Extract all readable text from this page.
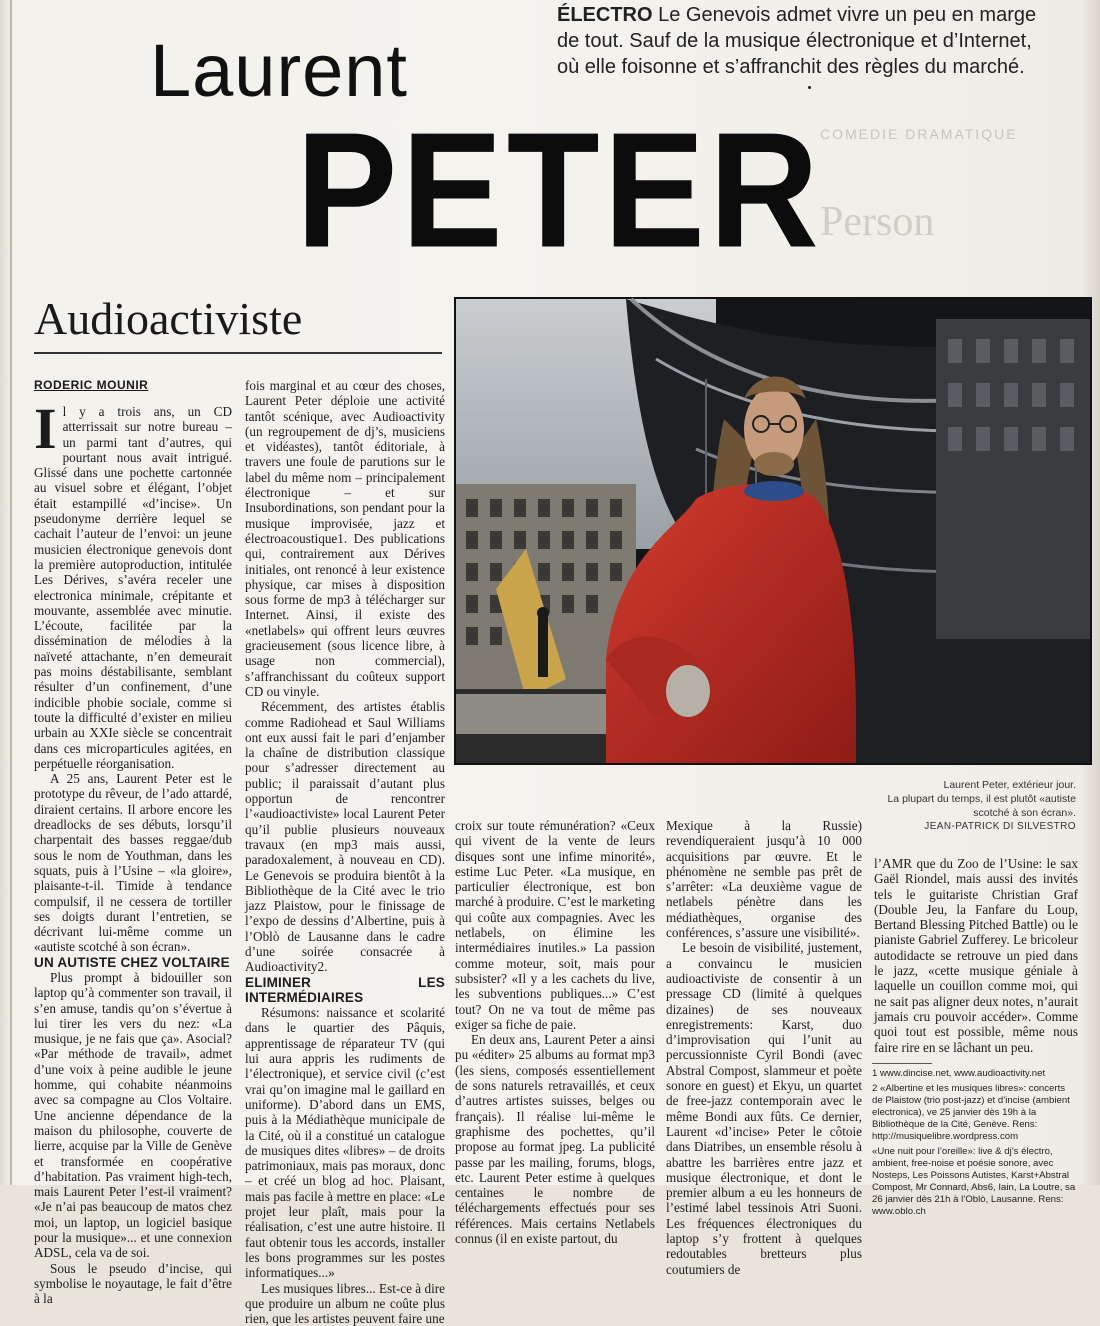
ÉLECTRO Le Genevois admet vivre un peu en marge de tout. Sauf de la musique électronique et d’Internet, où elle foisonne et s’affranchit des règles du marché.
COMEDIE DRAMATIQUE
Person
Laurent
PETER
Audioactiviste
RODERIC MOUNIR

Il y a trois ans, un CD atterrissait sur notre bureau – un parmi tant d’autres, qui pourtant nous avait intrigué. Glissé dans une pochette cartonnée au visuel sobre et élégant, l’objet était estampillé «d’incise». Un pseudonyme derrière lequel se cachait l’auteur de l’envoi: un jeune musicien électronique genevois dont la première autoproduction, intitulée Les Dérives, s’avéra receler une electronica minimale, crépitante et mouvante, assemblée avec minutie. L’écoute, facilitée par la dissémination de mélodies à la naïveté attachante, n’en demeurait pas moins déstabilisante, semblant résulter d’un confinement, d’une indicible phobie sociale, comme si toute la difficulté d’exister en milieu urbain au XXIe siècle se concentrait dans ces microparticules agitées, en perpétuelle réorganisation.

A 25 ans, Laurent Peter est le prototype du rêveur, de l’ado attardé, diraient certains. Il arbore encore les dreadlocks de ses débuts, lorsqu’il charpentait des basses reggae/dub sous le nom de Youthman, dans les squats, puis à l’Usine – «la gloire», plaisante-t-il. Timide à tendance compulsif, il ne cessera de tortiller ses doigts durant l’entretien, se décrivant lui-même comme un «autiste scotché à son écran».

UN AUTISTE CHEZ VOLTAIRE

Plus prompt à bidouiller son laptop qu’à commenter son travail, il s’en amuse, tandis qu’on s’évertue à lui tirer les vers du nez: «La musique, je ne fais que ça». Asocial? «Par méthode de travail», admet d’une voix à peine audible le jeune homme, qui cohabite néanmoins avec sa compagne au Clos Voltaire. Une ancienne dépendance de la maison du philosophe, couverte de lierre, acquise par la Ville de Genève et transformée en coopérative d’habitation. Pas vraiment high-tech, mais Laurent Peter l’est-il vraiment? «Je n’ai pas beaucoup de matos chez moi, un laptop, un logiciel basique pour la musique»... et une connexion ADSL, cela va de soi.

Sous le pseudo d’incise, qui symbolise le noyautage, le fait d’être à la

fois marginal et au cœur des choses, Laurent Peter déploie une activité tantôt scénique, avec Audioactivity (un regroupement de dj’s, musiciens et vidéastes), tantôt éditoriale, à travers une foule de parutions sur le label du même nom – principalement électronique – et sur Insubordinations, son pendant pour la musique improvisée, jazz et électroacoustique1. Des publications qui, contrairement aux Dérives initiales, ont renoncé à leur existence physique, car mises à disposition sous forme de mp3 à télécharger sur Internet. Ainsi, il existe des «netlabels» qui offrent leurs œuvres gracieusement (sous licence libre, à usage non commercial), s’affranchissant du coûteux support CD ou vinyle.

Récemment, des artistes établis comme Radiohead et Saul Williams ont eux aussi fait le pari d’enjamber la chaîne de distribution classique pour s’adresser directement au public; il paraissait d’autant plus opportun de rencontrer l’«audioactiviste» local Laurent Peter qu’il publie plusieurs nouveaux travaux (en mp3 mais aussi, paradoxalement, à nouveau en CD). Le Genevois se produira bientôt à la Bibliothèque de la Cité avec le trio jazz Plaistow, pour le finissage de l’expo de dessins d’Albertine, puis à l’Oblò de Lausanne dans le cadre d’une soirée consacrée à Audioactivity2.

ELIMINER LES INTERMÉDIAIRES

Résumons: naissance et scolarité dans le quartier des Pâquis, apprentissage de réparateur TV (qui lui aura appris les rudiments de l’électronique), et service civil (c’est vrai qu’on imagine mal le gaillard en uniforme). D’abord dans un EMS, puis à la Médiathèque municipale de la Cité, où il a constitué un catalogue de musiques dites «libres» – de droits patrimoniaux, mais pas moraux, donc – et créé un blog ad hoc. Plaisant, mais pas facile à mettre en place: «Le projet leur plaît, mais pour la réalisation, c’est une autre histoire. Il faut obtenir tous les accords, installer les bons programmes sur les postes informatiques...»

Les musiques libres... Est-ce à dire que produire un album ne coûte plus rien, que les artistes peuvent faire une

Laurent Peter, extérieur jour.
La plupart du temps, il est plutôt «autiste scotché à son écran».
JEAN-PATRICK DI SILVESTRO

croix sur toute rémunération? «Ceux qui vivent de la vente de leurs disques sont une infime minorité», estime Luc Peter. «La musique, en particulier électronique, est bon marché à produire. C’est le marketing qui coûte aux compagnies. Avec les netlabels, on élimine les intermédiaires inutiles.» La passion comme moteur, soit, mais pour subsister? «Il y a les cachets du live, les subventions publiques...» C’est tout? On ne va tout de même pas exiger sa fiche de paie.

En deux ans, Laurent Peter a ainsi pu «éditer» 25 albums au format mp3 (les siens, composés essentiellement de sons naturels retravaillés, et ceux d’autres artistes suisses, belges ou français). Il réalise lui-même le graphisme des pochettes, qu’il propose au format jpeg. La publicité passe par les mailing, forums, blogs, etc. Laurent Peter estime à quelques centaines le nombre de téléchargements effectués pour ses références. Mais certains Netlabels connus (il en existe partout, du

Mexique à la Russie) revendiqueraient jusqu’à 10 000 acquisitions par œuvre. Et le phénomène ne semble pas prêt de s’arrêter: «La deuxième vague de netlabels pénètre dans les médiathèques, organise des conférences, s’assure une visibilité».

Le besoin de visibilité, justement, a convaincu le musicien audioactiviste de consentir à un pressage CD (limité à quelques dizaines) de ses nouveaux enregistrements: Karst, duo d’improvisation qui l’unit au percussionniste Cyril Bondi (avec Abstral Compost, slammeur et poète sonore en guest) et Ekyu, un quartet de free-jazz contemporain avec le même Bondi aux fûts. Ce dernier, Laurent «d’incise» Peter le côtoie dans Diatribes, un ensemble résolu à abattre les barrières entre jazz et musique électronique, et dont le premier album a eu les honneurs de l’estimé label tessinois Atri Suoni. Les fréquences électroniques du laptop s’y frottent à quelques redoutables bretteurs plus coutumiers de

l’AMR que du Zoo de l’Usine: le sax Gaël Riondel, mais aussi des invités tels le guitariste Christian Graf (Double Jeu, la Fanfare du Loup, Bertand Blessing Pitched Battle) ou le pianiste Gabriel Zufferey. Le bricoleur autodidacte se retrouve un pied dans le jazz, «cette musique géniale à laquelle un couillon comme moi, qui ne sait pas aligner deux notes, n’aurait jamais cru pouvoir accéder». Comme quoi tout est possible, même nous faire rire en se lâchant un peu.

1 www.dincise.net, www.audioactivity.net

2 «Albertine et les musiques libres»: concerts de Plaistow (trio post-jazz) et d’incise (ambient electronica), ve 25 janvier dès 19h à la Bibliothèque de la Cité, Genève. Rens: http://musiquelibre.wordpress.com

«Une nuit pour l’oreille»: live & dj’s électro, ambient, free-noise et poésie sonore, avec Nosteps, Les Poissons Autistes, Karst+Abstral Compost, Mr Connard, Abs6, Iain, La Loutre, sa 26 janvier dès 21h à l’Oblò, Lausanne. Rens: www.oblo.ch
